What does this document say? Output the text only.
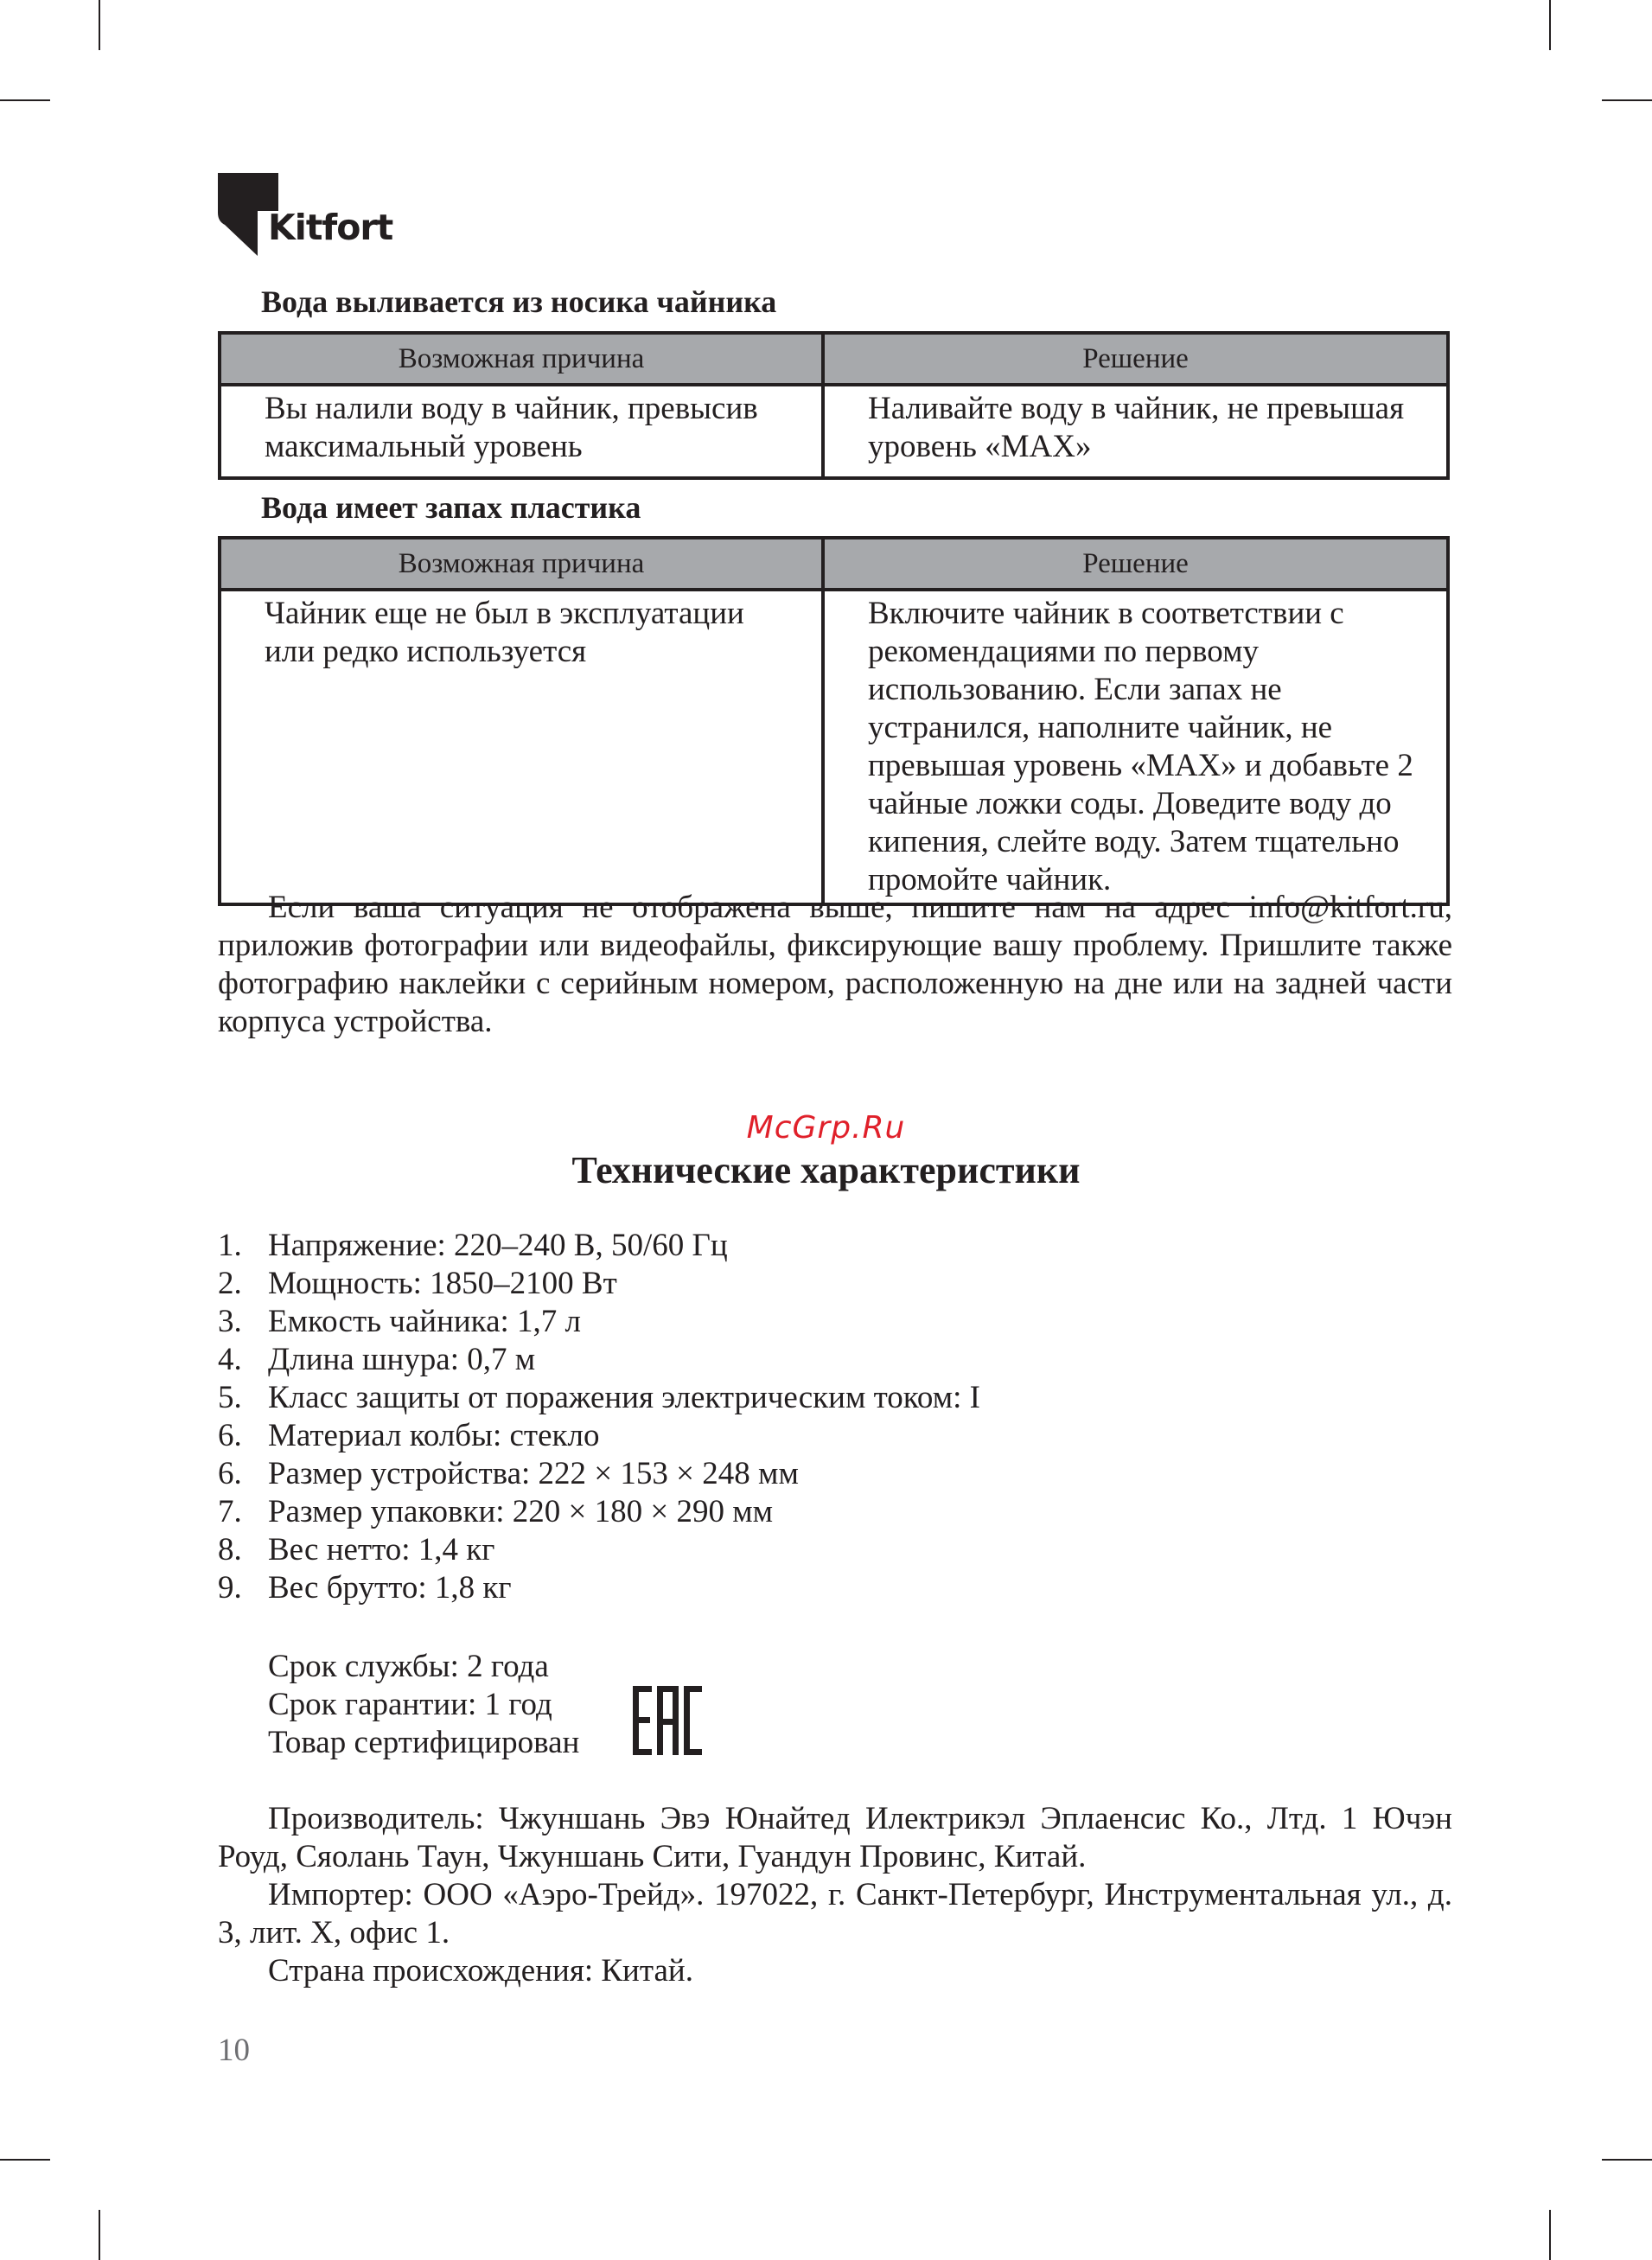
Kitfort
Вода выливается из носика чайника
Возможная причина	Решение
Вы налили воду в чайник, превысив максимальный уровень	Наливайте воду в чайник, не превышая уровень «MAX»
Вода имеет запах пластика
Возможная причина	Решение
Чайник еще не был в эксплуатации или редко используется	Включите чайник в соответствии с рекомендациями по первому использованию. Если запах не устранился, наполните чайник, не превышая уровень «MAX» и добавьте 2 чайные ложки соды. Доведите воду до кипения, слейте воду. Затем тщательно промойте чайник.

Если ваша ситуация не отображена выше, пишите нам на адрес info@kitfort.ru, приложив фотографии или видеофайлы, фиксирующие вашу проблему. Пришлите также фотографию наклейки с серийным номером, расположенную на дне или на задней части корпуса устройства.

McGrp.Ru
Технические характеристики
1. Напряжение: 220–240 В, 50/60 Гц
2. Мощность: 1850–2100 Вт
3. Емкость чайника: 1,7 л
4. Длина шнура: 0,7 м
5. Класс защиты от поражения электрическим током: I
6. Материал колбы: стекло
6. Размер устройства: 222 × 153 × 248 мм
7. Размер упаковки: 220 × 180 × 290 мм
8. Вес нетто: 1,4 кг
9. Вес брутто: 1,8 кг
Срок службы: 2 года
Срок гарантии: 1 год
Товар сертифицирован

Производитель: Чжуншань Эвэ Юнайтед Илектрикэл Эплаенсис Ко., Лтд. 1 Ючэн Роуд, Сяолань Таун, Чжуншань Сити, Гуандун Провинс, Китай.

Импортер: ООО «Аэро-Трейд». 197022, г. Санкт-Петербург, Инструментальная ул., д. 3, лит. Х, офис 1.

Страна происхождения: Китай.

10
